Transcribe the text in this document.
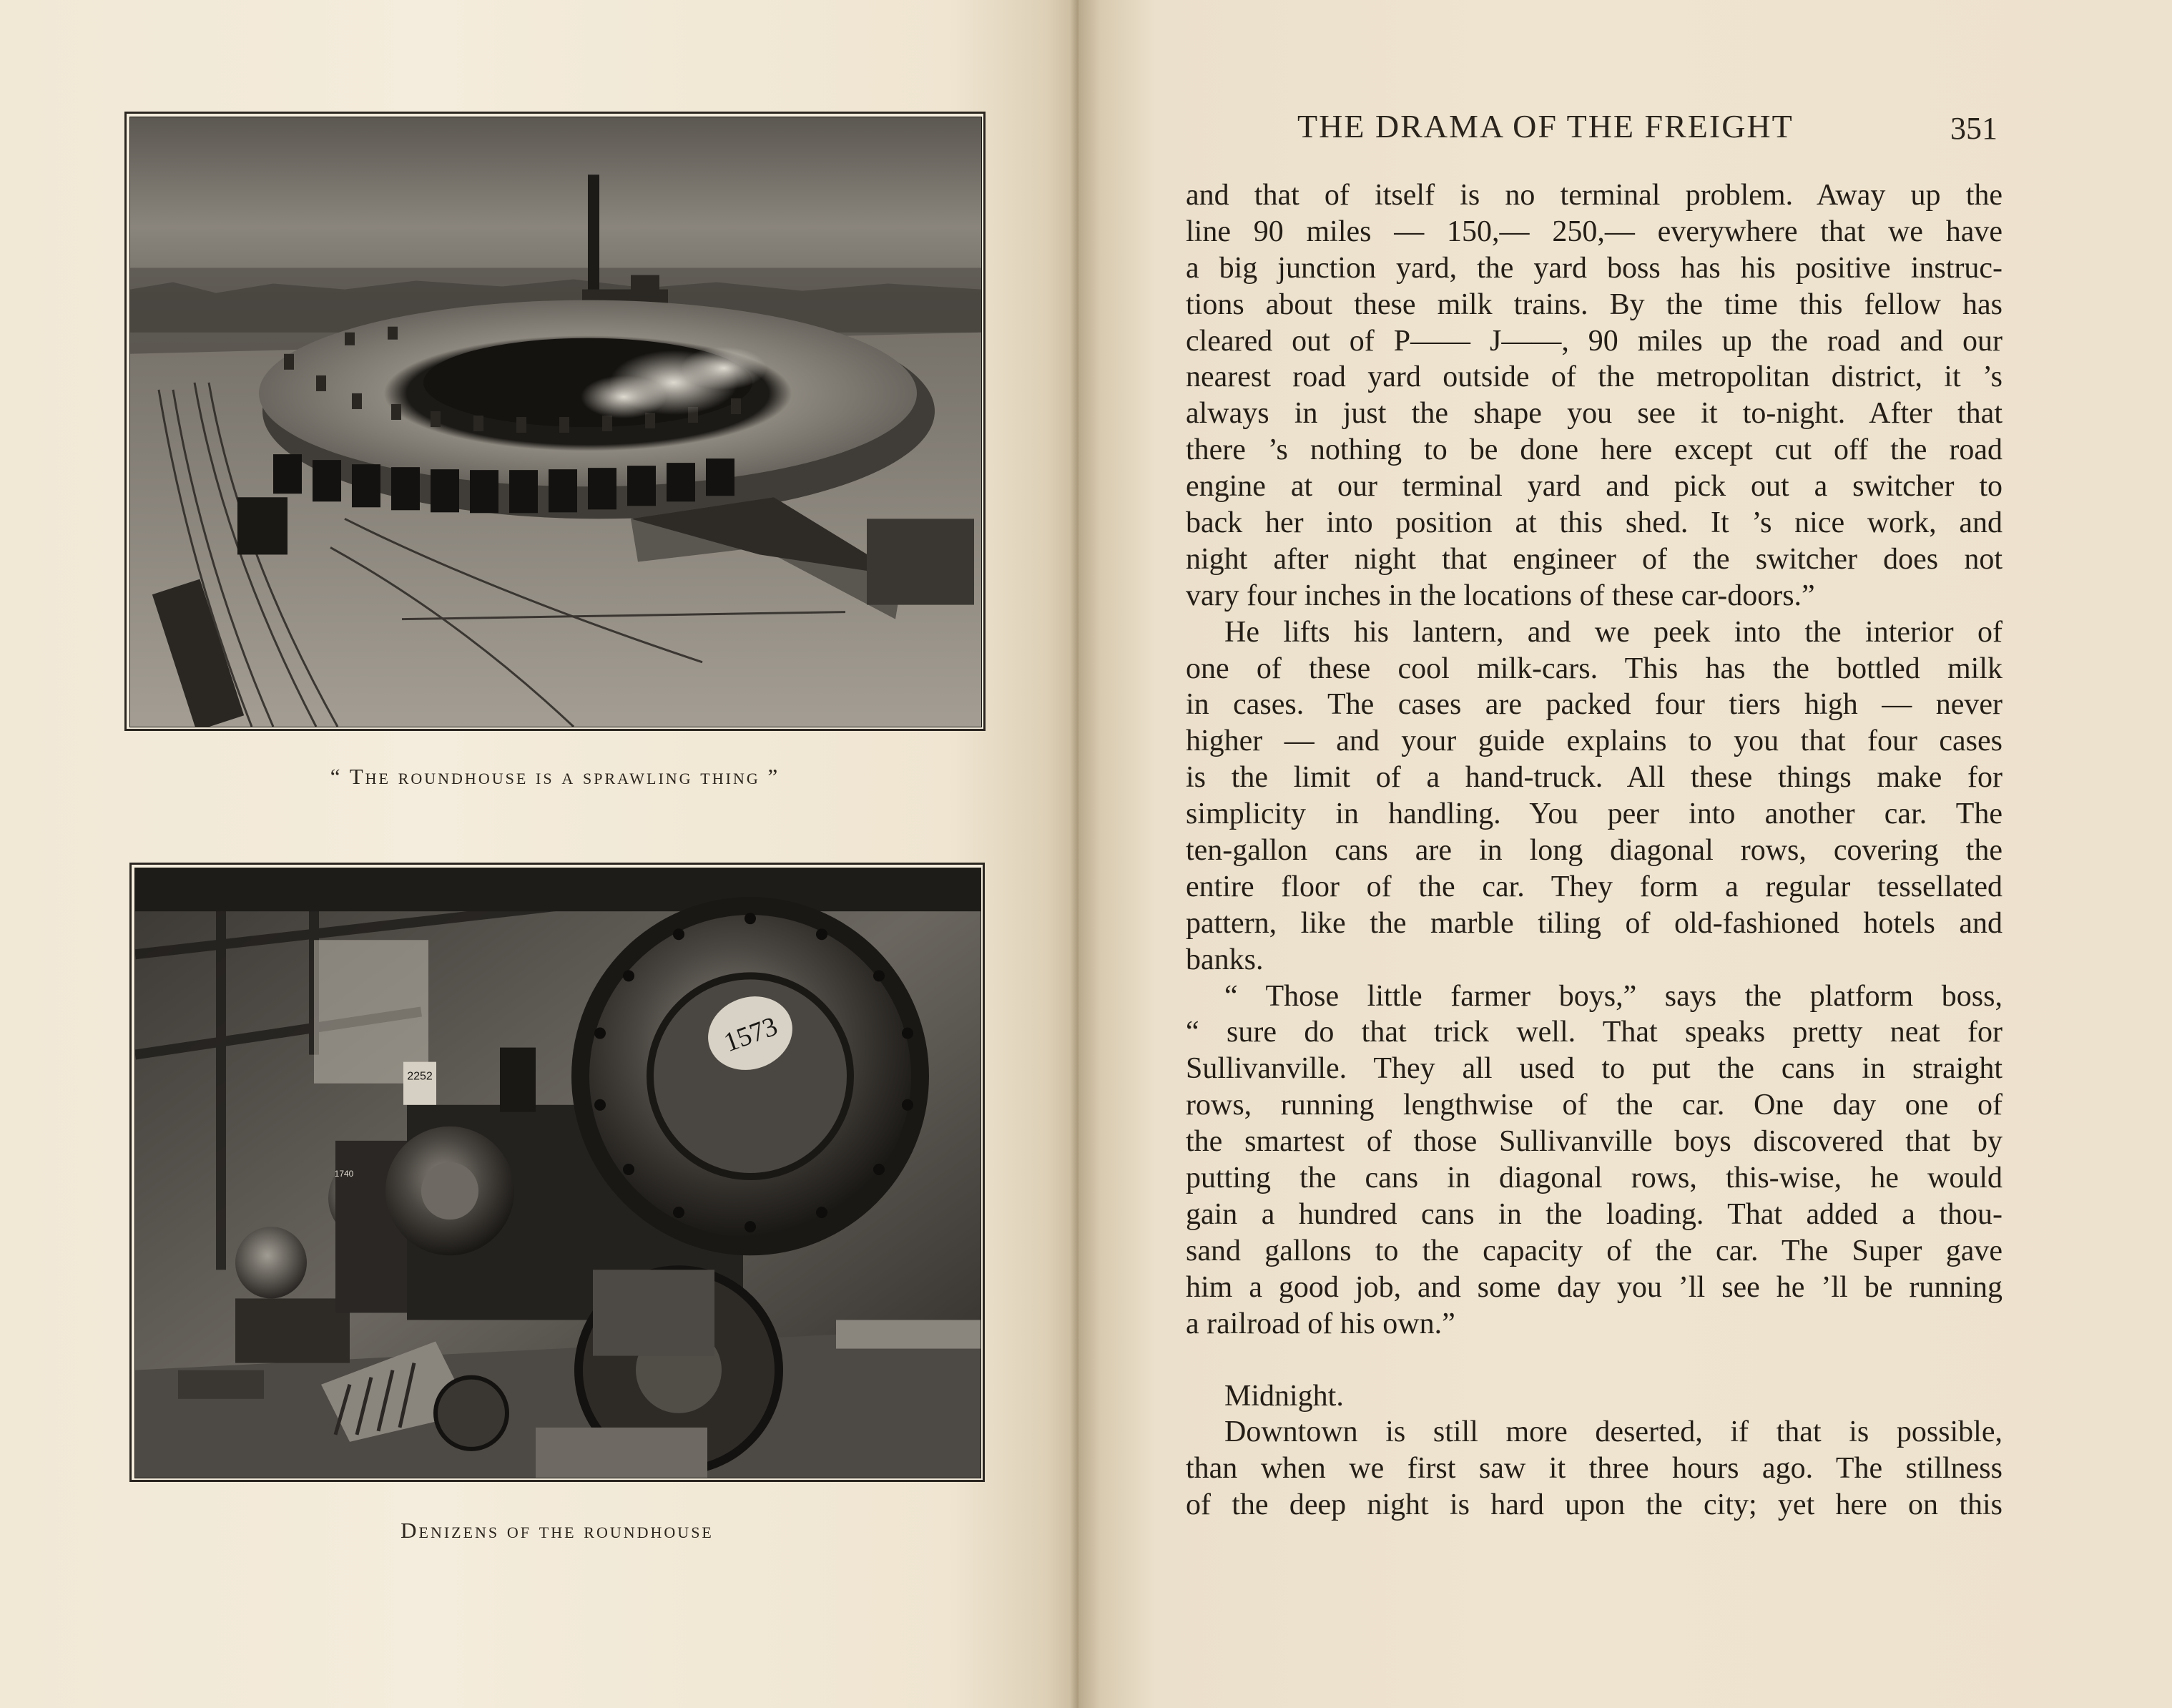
“ The roundhouse is a sprawling thing ”
1573
2252
1740
Denizens of the roundhouse
THE DRAMA OF THE FREIGHT	351
and that of itself is no terminal problem. Away up the
line 90 miles — 150,— 250,— everywhere that we have
a big junction yard, the yard boss has his positive instruc-
tions about these milk trains. By the time this fellow has
cleared out of P—— J——, 90 miles up the road and our
nearest road yard outside of the metropolitan district, it ’s
always in just the shape you see it to-night. After that
there ’s nothing to be done here except cut off the road
engine at our terminal yard and pick out a switcher to
back her into position at this shed. It ’s nice work, and
night after night that engineer of the switcher does not
vary four inches in the locations of these car-doors.”
He lifts his lantern, and we peek into the interior of
one of these cool milk-cars. This has the bottled milk
in cases. The cases are packed four tiers high — never
higher — and your guide explains to you that four cases
is the limit of a hand-truck. All these things make for
simplicity in handling. You peer into another car. The
ten-gallon cans are in long diagonal rows, covering the
entire floor of the car. They form a regular tessellated
pattern, like the marble tiling of old-fashioned hotels and
banks.
“ Those little farmer boys,” says the platform boss,
“ sure do that trick well. That speaks pretty neat for
Sullivanville. They all used to put the cans in straight
rows, running lengthwise of the car. One day one of
the smartest of those Sullivanville boys discovered that by
putting the cans in diagonal rows, this-wise, he would
gain a hundred cans in the loading. That added a thou-
sand gallons to the capacity of the car. The Super gave
him a good job, and some day you ’ll see he ’ll be running
a railroad of his own.”
Midnight.
Downtown is still more deserted, if that is possible,
than when we first saw it three hours ago. The stillness
of the deep night is hard upon the city; yet here on this
